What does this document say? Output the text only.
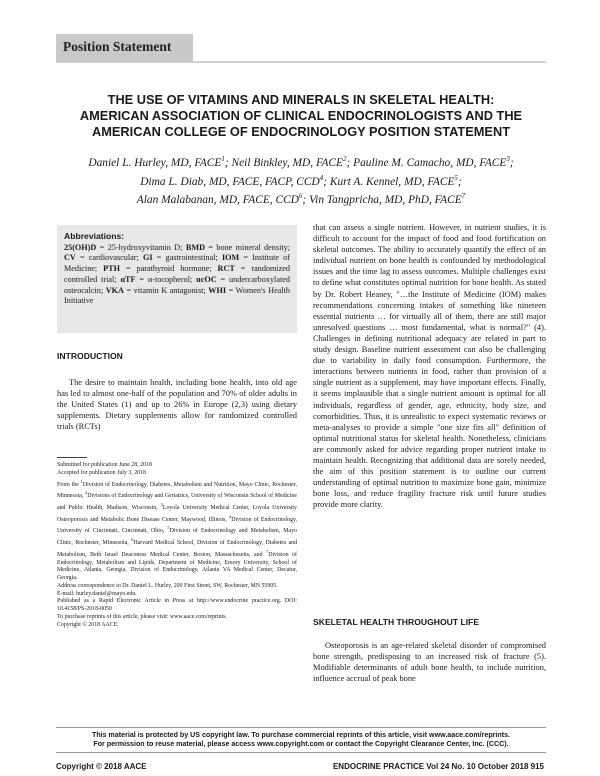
Position Statement
THE USE OF VITAMINS AND MINERALS IN SKELETAL HEALTH:
AMERICAN ASSOCIATION OF CLINICAL ENDOCRINOLOGISTS AND THE
AMERICAN COLLEGE OF ENDOCRINOLOGY POSITION STATEMENT
Daniel L. Hurley, MD, FACE$^1$; Neil Binkley, MD, FACE$^2$; Pauline M. Camacho, MD, FACE$^3$;
Dima L. Diab, MD, FACE, FACP, CCD$^4$; Kurt A. Kennel, MD, FACE$^5$;
Alan Malabanan, MD, FACE, CCD$^6$; Vin Tangpricha, MD, PhD, FACE$^7$
Abbreviations:
25(OH)D = 25-hydroxyvitamin D; BMD = bone mineral density; CV = cardiovascular; GI = gastrointestinal; IOM = Institute of Medicine; PTH = parathyroid hormone; RCT = randomized controlled trial; αTF = α-tocopherol; ucOC = undercarboxylated osteocalcin; VKA = vitamin K antagonist; WHI = Women's Health Initiative
INTRODUCTION

The desire to maintain health, including bone health, into old age has led to almost one-half of the population and 70% of older adults in the United States (1) and up to 26% in Europe (2,3) using dietary supplements. Dietary supplements allow for randomized controlled trials (RCTs)

Submitted for publication June 28, 2018
Accepted for publication July 3, 2018
From the $^1$Division of Endocrinology, Diabetes, Metabolism and Nutrition, Mayo Clinic, Rochester, Minnesota, $^2$Divisions of Endocrinology and Geriatrics, University of Wisconsin School of Medicine and Public Health, Madison, Wisconsin, $^3$Loyola University Medical Center, Loyola University Osteoporosis and Metabolic Bone Disease Center, Maywood, Illinois, $^4$Division of Endocrinology, University of Cincinnati, Cincinnati, Ohio, $^5$Division of Endocrinology and Metabolism, Mayo Clinic, Rochester, Minnesota, $^6$Harvard Medical School, Division of Endocrinology, Diabetes and Metabolism, Beth Israel Deaconess Medical Center, Boston, Massachusetts, and $^7$Division of Endocrinology, Metabolism and Lipids, Department of Medicine, Emory University, School of Medicine, Atlanta, Georgia, Division of Endocrinology, Atlanta VA Medical Center, Decatur, Georgia.
Address correspondence to Dr. Daniel L. Hurley, 200 First Street, SW, Rochester, MN 55905.
E-mail: hurley.daniel@mayo.edu.
Published as a Rapid Electronic Article in Press at http://www.endocrine practice.org. DOI: 10.4158/PS-2018-0050
To purchase reprints of this article, please visit: www.aace.com/reprints.
Copyright © 2018 AACE.

that can assess a single nutrient. However, in nutrient studies, it is difficult to account for the impact of food and food fortification on skeletal outcomes. The ability to accurately quantify the effect of an individual nutrient on bone health is confounded by methodological issues and the time lag to assess outcomes. Multiple challenges exist to define what constitutes optimal nutrition for bone health. As stated by Dr. Robert Heaney, "…the Institute of Medicine (IOM) makes recommendations concerning intakes of something like nineteen essential nutrients … for virtually all of them, there are still major unresolved questions … most fundamental, what is normal?" (4). Challenges in defining nutritional adequacy are related in part to study design. Baseline nutrient assessment can also be challenging due to variability in daily food consumption. Furthermore, the interactions between nutrients in food, rather than provision of a single nutrient as a supplement, may have important effects. Finally, it seems implausible that a single nutrient amount is optimal for all individuals, regardless of gender, age, ethnicity, body size, and comorbidities. Thus, it is unrealistic to expect systematic reviews or meta-analyses to provide a simple "one size fits all" definition of optimal nutritional status for skeletal health. Nonetheless, clinicians are commonly asked for advice regarding proper nutrient intake to maintain health. Recognizing that additional data are sorely needed, the aim of this position statement is to outline our current understanding of optimal nutrition to maximize bone gain, minimize bone loss, and reduce fragility fracture risk until future studies provide more clarity.

SKELETAL HEALTH THROUGHOUT LIFE

Osteoporosis is an age-related skeletal disorder of compromised bone strength, predisposing to an increased risk of fracture (5). Modifiable determinants of adult bone health, to include nutrition, influence accrual of peak bone

This material is protected by US copyright law. To purchase commercial reprints of this article, visit www.aace.com/reprints.
For permission to reuse material, please access www.copyright.com or contact the Copyright Clearance Center, Inc. (CCC).
Copyright © 2018 AACE	ENDOCRINE PRACTICE Vol 24 No. 10 October 2018 915
